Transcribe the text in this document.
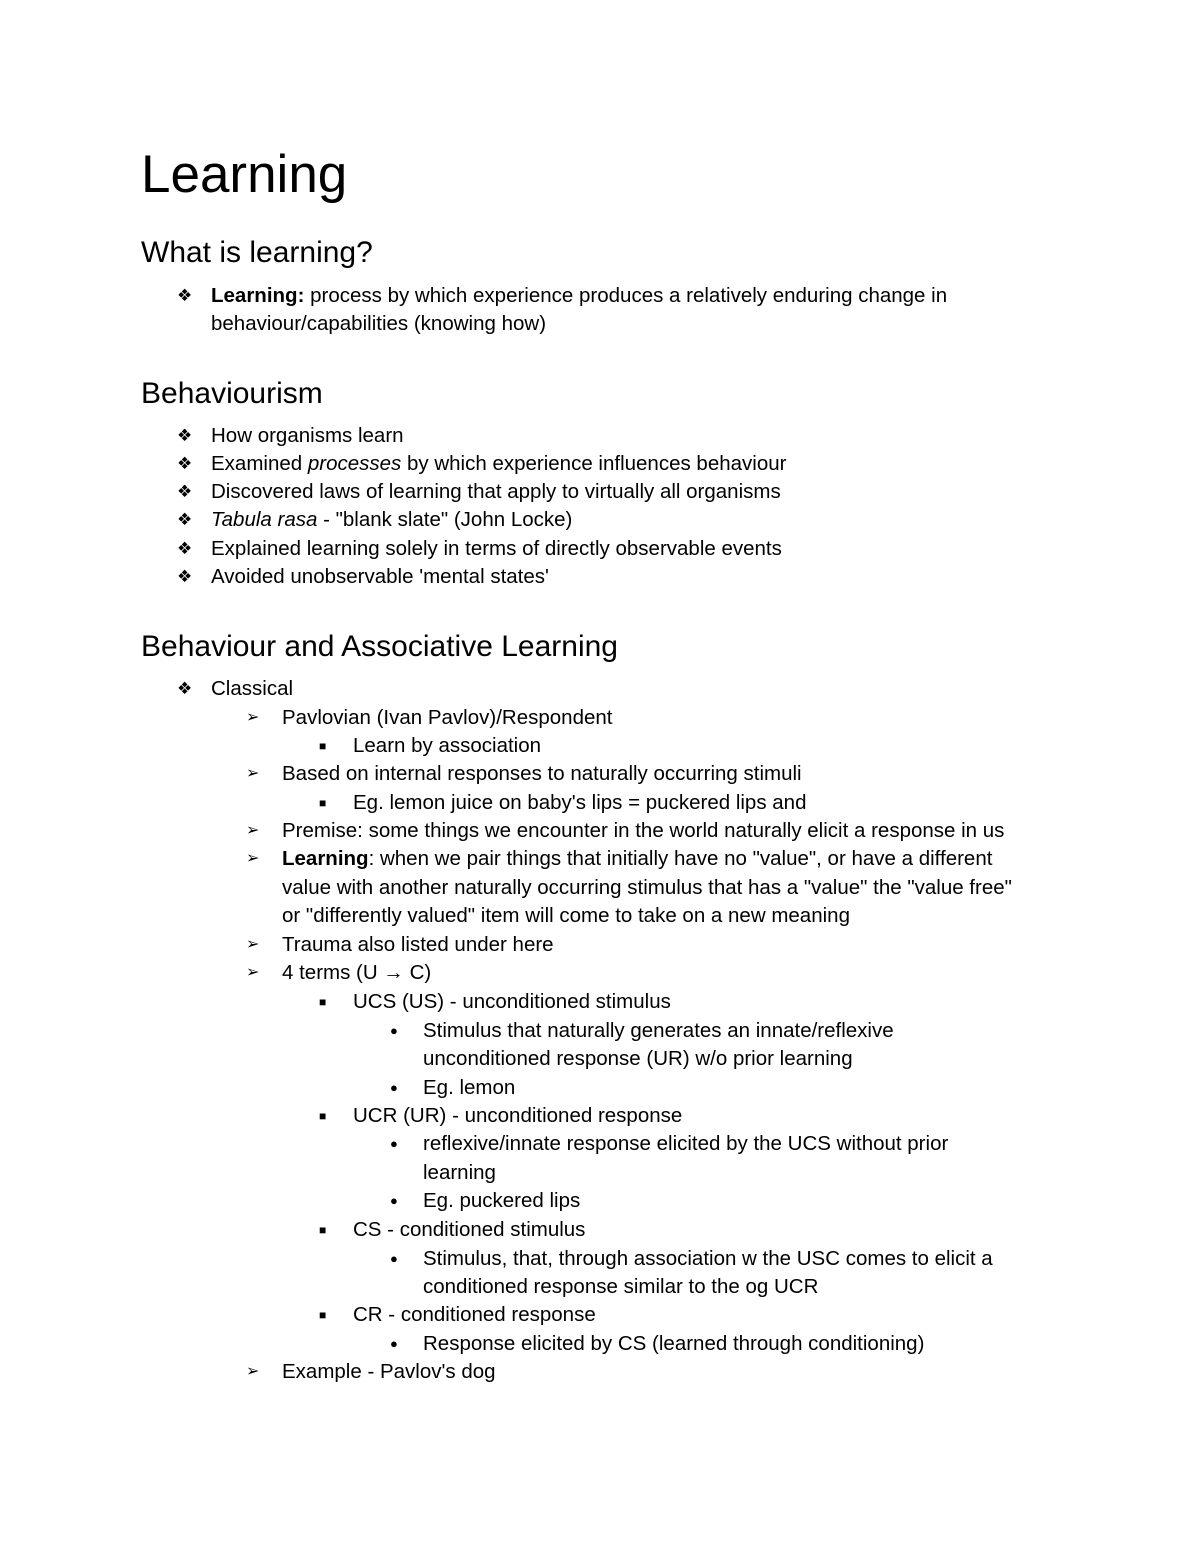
Learning
What is learning?
❖ Learning: process by which experience produces a relatively enduring change in
behaviour/capabilities (knowing how)
Behaviourism
❖ How organisms learn
❖ Examined processes by which experience influences behaviour
❖ Discovered laws of learning that apply to virtually all organisms
❖ Tabula rasa - "blank slate" (John Locke)
❖ Explained learning solely in terms of directly observable events
❖ Avoided unobservable 'mental states'
Behaviour and Associative Learning
❖ Classical
➢ Pavlovian (Ivan Pavlov)/Respondent
■ Learn by association
➢ Based on internal responses to naturally occurring stimuli
■ Eg. lemon juice on baby's lips = puckered lips and
➢ Premise: some things we encounter in the world naturally elicit a response in us
➢ Learning: when we pair things that initially have no "value", or have a different
value with another naturally occurring stimulus that has a "value" the "value free"
or "differently valued" item will come to take on a new meaning
➢ Trauma also listed under here
➢ 4 terms (U → C)
■ UCS (US) - unconditioned stimulus
● Stimulus that naturally generates an innate/reflexive
unconditioned response (UR) w/o prior learning
● Eg. lemon
■ UCR (UR) - unconditioned response
● reflexive/innate response elicited by the UCS without prior
learning
● Eg. puckered lips
■ CS - conditioned stimulus
● Stimulus, that, through association w the USC comes to elicit a
conditioned response similar to the og UCR
■ CR - conditioned response
● Response elicited by CS (learned through conditioning)
➢ Example - Pavlov's dog
